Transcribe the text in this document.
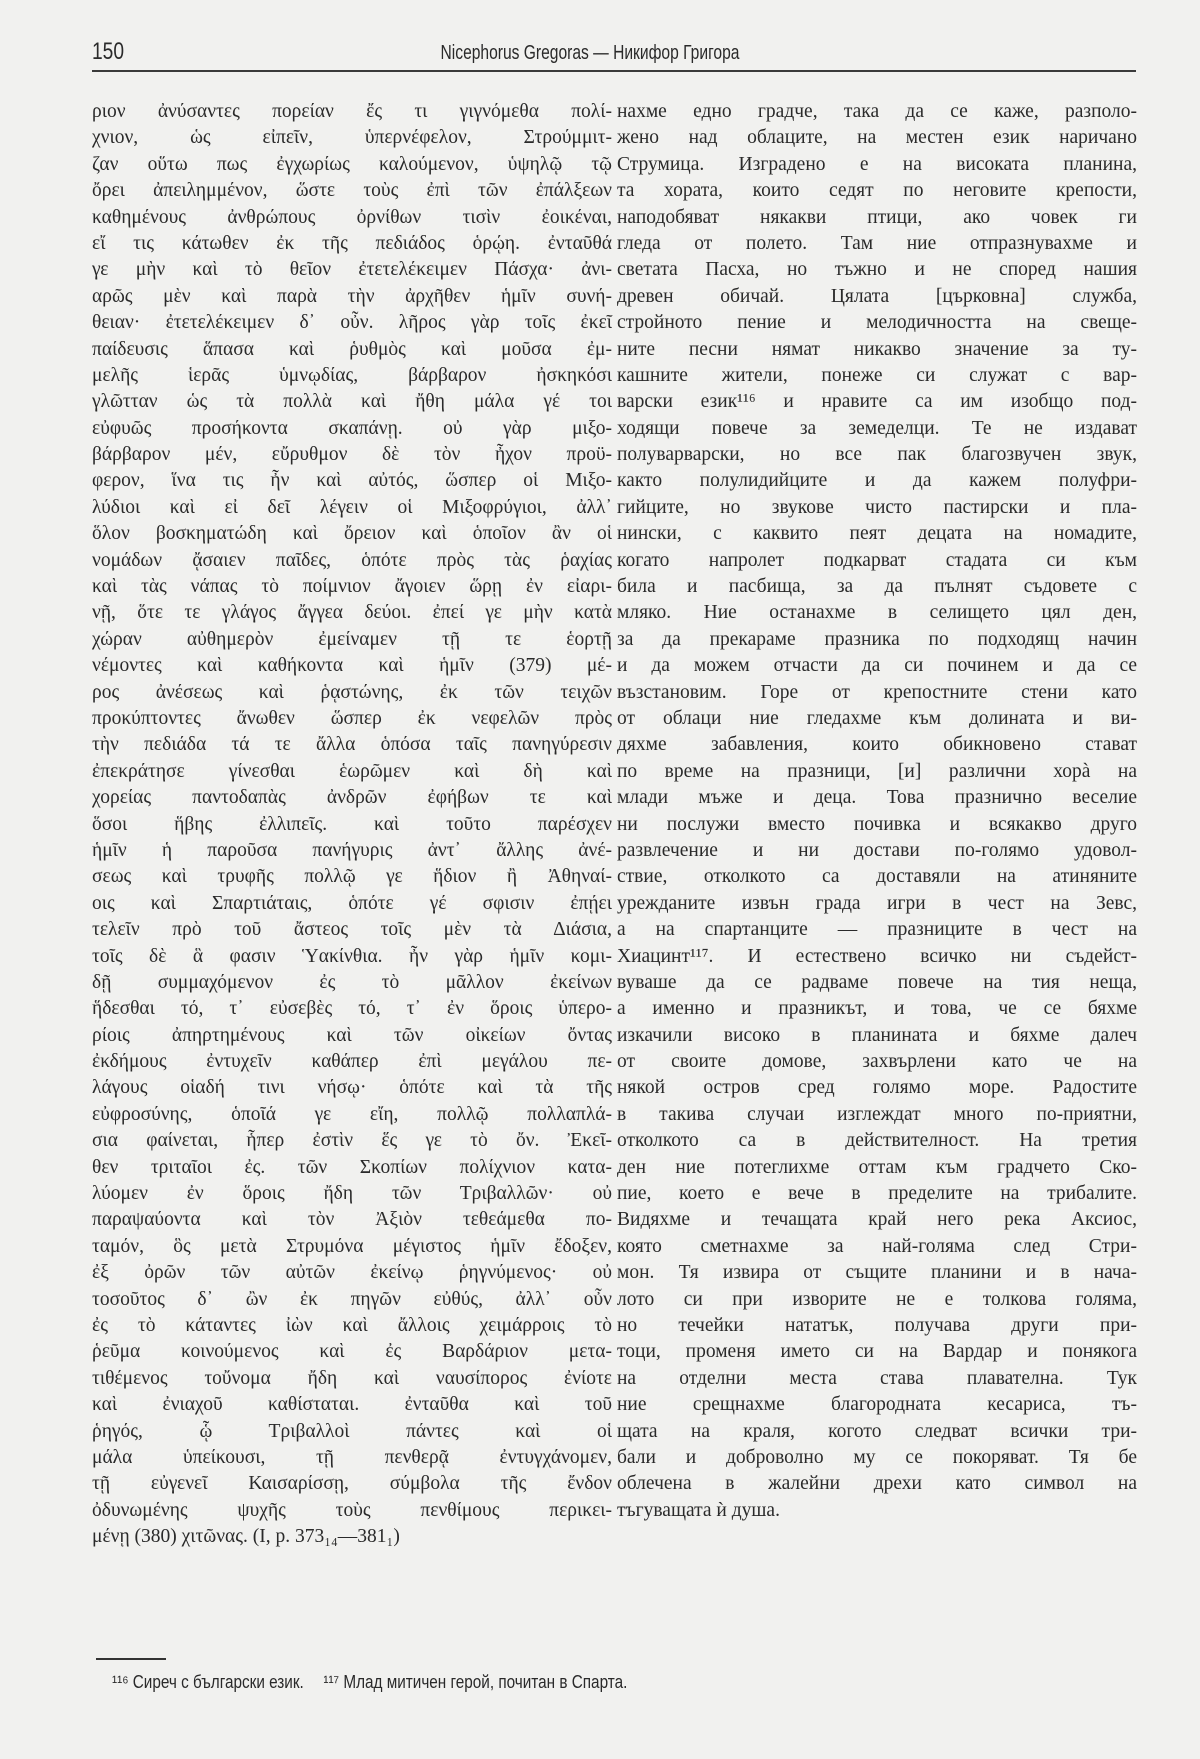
150	Nicephorus Gregoras — Никифор Григора
ριον ἀνύσαντες πορείαν ἔς τι γιγνόμεθα πολί-
χνιον, ὡς εἰπεῖν, ὑπερνέφελον, Στρούμμιτ-
ζαν οὕτω πως ἐγχωρίως καλούμενον, ὑψηλῷ τῷ
ὄρει ἀπειλημμένον, ὥστε τοὺς ἐπὶ τῶν ἐπάλξεων
καθημένους ἀνθρώπους ὀρνίθων τισὶν ἐοικέναι,
εἴ τις κάτωθεν ἐκ τῆς πεδιάδος ὁρῴη. ἐνταῦθά
γε μὴν καὶ τὸ θεῖον ἐτετελέκειμεν Πάσχα· ἀνι-
αρῶς μὲν καὶ παρὰ τὴν ἀρχῆθεν ἡμῖν συνή-
θειαν· ἐτετελέκειμεν δ᾽ οὖν. λῆρος γὰρ τοῖς ἐκεῖ
παίδευσις ἅπασα καὶ ῥυθμὸς καὶ μοῦσα ἐμ-
μελῆς ἱερᾶς ὑμνῳδίας, βάρβαρον ἠσκηκόσι
γλῶτταν ὡς τὰ πολλὰ καὶ ἤθη μάλα γέ τοι
εὐφυῶς προσήκοντα σκαπάνῃ. οὐ γὰρ μιξο-
βάρβαρον μέν, εὔρυθμον δὲ τὸν ἦχον προϋ-
φερον, ἵνα τις ἦν καὶ αὐτός, ὥσπερ οἱ Μιξο-
λύδιοι καὶ εἰ δεῖ λέγειν οἱ Μιξοφρύγιοι, ἀλλ᾽
ὅλον βοσκηματώδη καὶ ὄρειον καὶ ὁποῖον ἂν οἱ
νομάδων ᾄσαιεν παῖδες, ὁπότε πρὸς τὰς ῥαχίας
καὶ τὰς νάπας τὸ ποίμνιον ἄγοιεν ὥρῃ ἐν εἰαρι-
νῇ, ὅτε τε γλάγος ἄγγεα δεύοι. ἐπεί γε μὴν κατὰ
χώραν αὐθημερὸν ἐμείναμεν τῇ τε ἑορτῇ
νέμοντες καὶ καθήκοντα καὶ ἡμῖν (379) μέ-
ρος ἀνέσεως καὶ ῥᾳστώνης, ἐκ τῶν τειχῶν
προκύπτοντες ἄνωθεν ὥσπερ ἐκ νεφελῶν πρὸς
τὴν πεδιάδα τά τε ἄλλα ὁπόσα ταῖς πανηγύρεσιν
ἐπεκράτησε γίνεσθαι ἑωρῶμεν καὶ δὴ καὶ
χορείας παντοδαπὰς ἀνδρῶν ἐφήβων τε καὶ
ὅσοι ἥβης ἐλλιπεῖς. καὶ τοῦτο παρέσχεν
ἡμῖν ἡ παροῦσα πανήγυρις ἀντ᾽ ἄλλης ἀνέ-
σεως καὶ τρυφῆς πολλῷ γε ἥδιον ἢ Ἀθηναί-
οις καὶ Σπαρτιάταις, ὁπότε γέ σφισιν ἐπῄει
τελεῖν πρὸ τοῦ ἄστεος τοῖς μὲν τὰ Διάσια,
τοῖς δὲ ἃ φασιν Ὑακίνθια. ἦν γὰρ ἡμῖν κομι-
δῇ συμμαχόμενον ἐς τὸ μᾶλλον ἐκείνων
ἥδεσθαι τό, τ᾽ εὐσεβὲς τό, τ᾽ ἐν ὅροις ὑπερο-
ρίοις ἀπηρτημένους καὶ τῶν οἰκείων ὄντας
ἐκδήμους ἐντυχεῖν καθάπερ ἐπὶ μεγάλου πε-
λάγους οἱαδή τινι νήσῳ· ὁπότε καὶ τὰ τῆς
εὐφροσύνης, ὁποῖά γε εἴη, πολλῷ πολλαπλά-
σια φαίνεται, ἧπερ ἐστὶν ἕς γε τὸ ὄν. Ἐκεῖ-
θεν τριταῖοι ἐς. τῶν Σκοπίων πολίχνιον κατα-
λύομεν ἐν ὅροις ἤδη τῶν Τριβαλλῶν· οὐ
παραψαύοντα καὶ τὸν Ἀξιὸν τεθεάμεθα πο-
ταμόν, ὃς μετὰ Στρυμόνα μέγιστος ἡμῖν ἔδοξεν,
ἐξ ὀρῶν τῶν αὐτῶν ἐκείνῳ ῥηγνύμενος· οὐ
τοσοῦτος δ᾽ ὢν ἐκ πηγῶν εὐθύς, ἀλλ᾽ οὖν
ἐς τὸ κάταντες ἰὼν καὶ ἄλλοις χειμάρροις τὸ
ῥεῦμα κοινούμενος καὶ ἐς Βαρδάριον μετα-
τιθέμενος τοὔνομα ἤδη καὶ ναυσίπορος ἐνίοτε
καὶ ἐνιαχοῦ καθίσταται. ἐνταῦθα καὶ τοῦ
ῥηγός, ᾧ Τριβαλλοὶ πάντες καὶ οἱ
μάλα ὑπείκουσι, τῇ πενθερᾷ ἐντυγχάνομεν,
τῇ εὐγενεῖ Καισαρίσσῃ, σύμβολα τῆς ἔνδον
ὀδυνωμένης ψυχῆς τοὺς πενθίμους περικει-
μένῃ (380) χιτῶνας. (I, p. 373₁₄—381₁)
нахме едно градче, така да се каже, разполо-
жено над облаците, на местен език наричано
Струмица. Изградено е на високата планина,
та хората, които седят по неговите крепости,
наподобяват някакви птици, ако човек ги
гледа от полето. Там ние отпразнувахме и
светата Пасха, но тъжно и не според нашия
древен обичай. Цялата [църковна] служба,
стройното пение и мелодичността на свеще-
ните песни нямат никакво значение за ту-
кашните жители, понеже си служат с вар-
варски език¹¹⁶ и нравите са им изобщо под-
ходящи повече за земеделци. Те не издават
полуварварски, но все пак благозвучен звук,
както полулидийците и да кажем полуфри-
гийците, но звукове чисто пастирски и пла-
нински, с каквито пеят децата на номадите,
когато напролет подкарват стадата си към
била и пасбища, за да пълнят съдовете с
мляко. Ние останахме в селището цял ден,
за да прекараме празника по подходящ начин
и да можем отчасти да си починем и да се
възстановим. Горе от крепостните стени като
от облаци ние гледахме към долината и ви-
дяхме забавления, които обикновено стават
по време на празници, [и] различни хорà на
млади мъже и деца. Това празнично веселие
ни послужи вместо почивка и всякакво друго
развлечение и ни достави по-голямо удовол-
ствие, отколкото са доставяли на атиняните
урежданите извън града игри в чест на Зевс,
а на спартанците — празниците в чест на
Хиацинт¹¹⁷. И естествено всичко ни съдейст-
вуваше да се радваме повече на тия неща,
а именно и празникът, и това, че се бяхме
изкачили високо в планината и бяхме далеч
от своите домове, захвърлени като че на
някой остров сред голямо море. Радостите
в такива случаи изглеждат много по-приятни,
отколкото са в действителност. На третия
ден ние потеглихме оттам към градчето Ско-
пие, което е вече в пределите на трибалите.
Видяхме и течащата край него река Аксиос,
която сметнахме за най-голяма след Стри-
мон. Тя извира от същите планини и в нача-
лото си при изворите не е толкова голяма,
но течейки нататък, получава други при-
тоци, променя името си на Вардар и понякога
на отделни места става плавателна. Тук
ние срещнахме благородната кесариса, тъ-
щата на краля, когото следват всички три-
бали и доброволно му се покоряват. Тя бе
облечена в жалейни дрехи като символ на
тъгуващата ѝ душа.
¹¹⁶ Сиреч с български език. ¹¹⁷ Млад митичен герой, почитан в Спарта.
